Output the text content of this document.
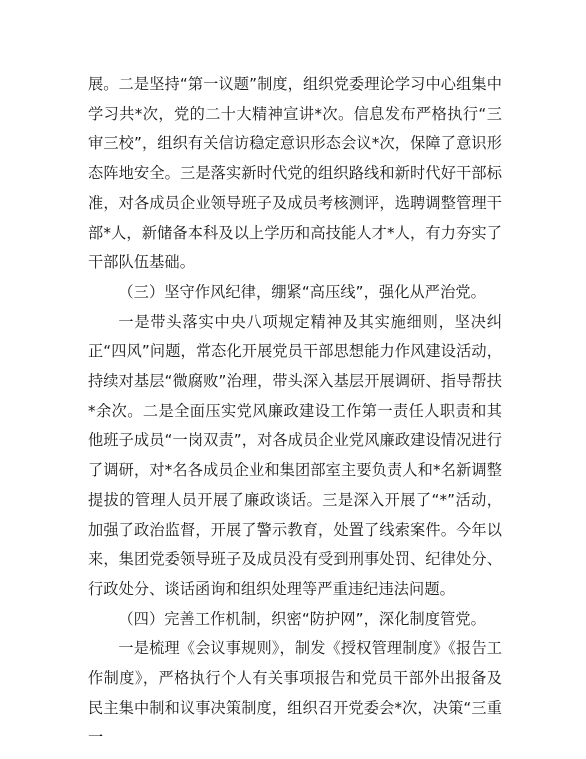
展。二是坚持“第一议题”制度，组织党委理论学习中心组集中学习共*次，党的二十大精神宣讲*次。信息发布严格执行“三审三校”，组织有关信访稳定意识形态会议*次，保障了意识形态阵地安全。三是落实新时代党的组织路线和新时代好干部标准，对各成员企业领导班子及成员考核测评，选聘调整管理干部*人，新储备本科及以上学历和高技能人才*人，有力夯实了干部队伍基础。

（三）坚守作风纪律，绷紧“高压线”，强化从严治党。

一是带头落实中央八项规定精神及其实施细则，坚决纠正“四风”问题，常态化开展党员干部思想能力作风建设活动，持续对基层“微腐败”治理，带头深入基层开展调研、指导帮扶*余次。二是全面压实党风廉政建设工作第一责任人职责和其他班子成员“一岗双责”，对各成员企业党风廉政建设情况进行了调研，对*名各成员企业和集团部室主要负责人和*名新调整提拔的管理人员开展了廉政谈话。三是深入开展了“*”活动，加强了政治监督，开展了警示教育，处置了线索案件。今年以来，集团党委领导班子及成员没有受到刑事处罚、纪律处分、行政处分、谈话函询和组织处理等严重违纪违法问题。

（四）完善工作机制，织密“防护网”，深化制度管党。

一是梳理《会议事规则》，制发《授权管理制度》《报告工作制度》，严格执行个人有关事项报告和党员干部外出报备及民主集中制和议事决策制度，组织召开党委会*次，决策“三重一
